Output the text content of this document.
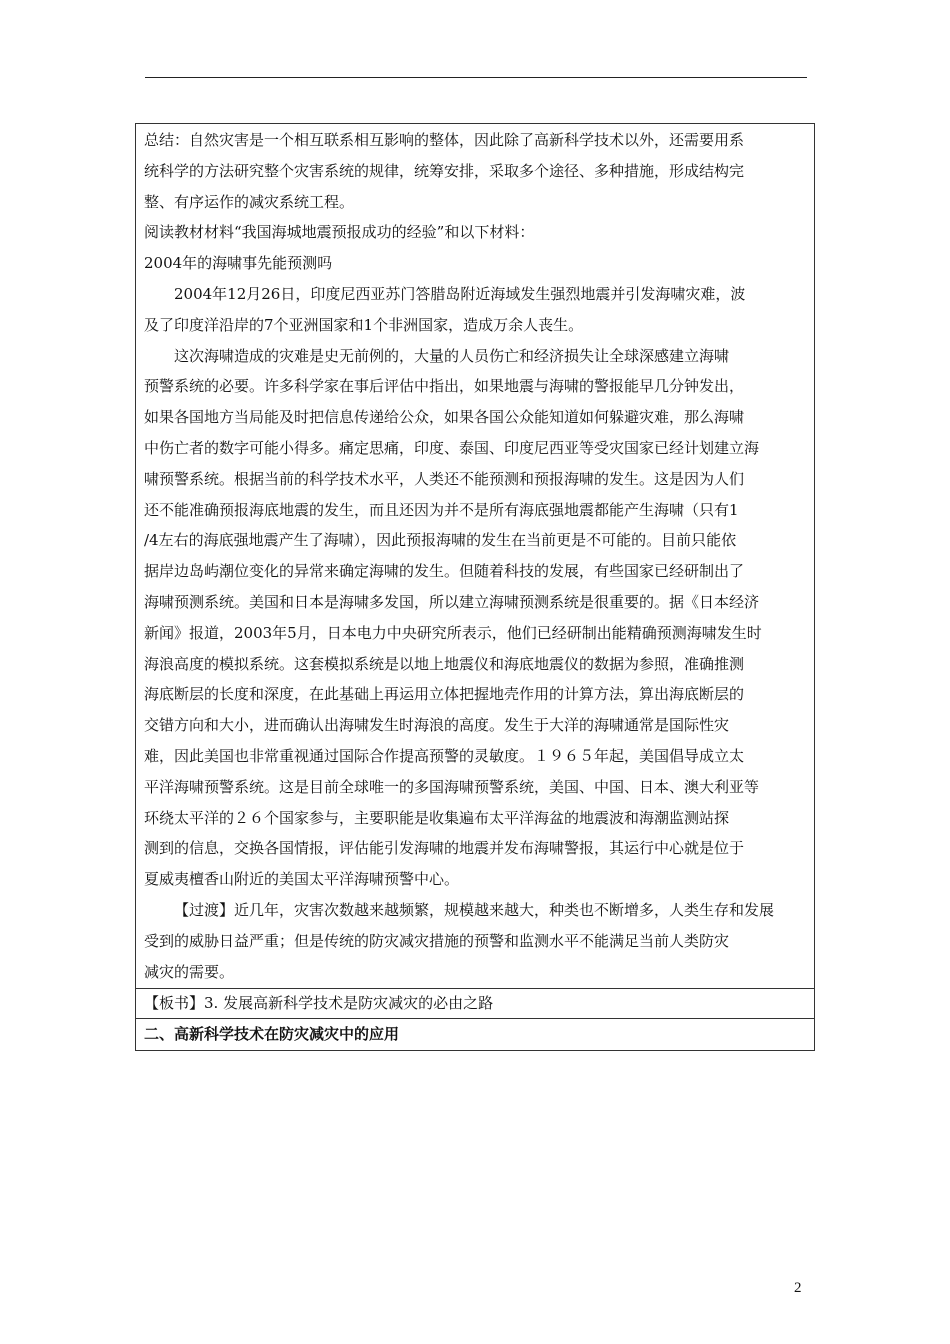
总结：自然灾害是一个相互联系相互影响的整体，因此除了高新科学技术以外，还需要用系

统科学的方法研究整个灾害系统的规律，统筹安排，采取多个途径、多种措施，形成结构完

整、有序运作的减灾系统工程。

阅读教材材料“我国海城地震预报成功的经验”和以下材料：

2004年的海啸事先能预测吗

2004年12月26日，印度尼西亚苏门答腊岛附近海域发生强烈地震并引发海啸灾难，波

及了印度洋沿岸的7个亚洲国家和1个非洲国家，造成万余人丧生。

这次海啸造成的灾难是史无前例的，大量的人员伤亡和经济损失让全球深感建立海啸

预警系统的必要。许多科学家在事后评估中指出，如果地震与海啸的警报能早几分钟发出，

如果各国地方当局能及时把信息传递给公众，如果各国公众能知道如何躲避灾难，那么海啸

中伤亡者的数字可能小得多。痛定思痛，印度、泰国、印度尼西亚等受灾国家已经计划建立海

啸预警系统。根据当前的科学技术水平，人类还不能预测和预报海啸的发生。这是因为人们

还不能准确预报海底地震的发生，而且还因为并不是所有海底强地震都能产生海啸（只有1

/4左右的海底强地震产生了海啸），因此预报海啸的发生在当前更是不可能的。目前只能依

据岸边岛屿潮位变化的异常来确定海啸的发生。但随着科技的发展，有些国家已经研制出了

海啸预测系统。美国和日本是海啸多发国，所以建立海啸预测系统是很重要的。据《日本经济

新闻》报道，2003年5月，日本电力中央研究所表示，他们已经研制出能精确预测海啸发生时

海浪高度的模拟系统。这套模拟系统是以地上地震仪和海底地震仪的数据为参照，准确推测

海底断层的长度和深度，在此基础上再运用立体把握地壳作用的计算方法，算出海底断层的

交错方向和大小，进而确认出海啸发生时海浪的高度。发生于大洋的海啸通常是国际性灾

难，因此美国也非常重视通过国际合作提高预警的灵敏度。１９６５年起，美国倡导成立太

平洋海啸预警系统。这是目前全球唯一的多国海啸预警系统，美国、中国、日本、澳大利亚等

环绕太平洋的２６个国家参与，主要职能是收集遍布太平洋海盆的地震波和海潮监测站探

测到的信息，交换各国情报，评估能引发海啸的地震并发布海啸警报，其运行中心就是位于

夏威夷檀香山附近的美国太平洋海啸预警中心。

【过渡】近几年，灾害次数越来越频繁，规模越来越大，种类也不断增多，人类生存和发展

受到的威胁日益严重；但是传统的防灾减灾措施的预警和监测水平不能满足当前人类防灾

减灾的需要。

【板书】3. 发展高新科学技术是防灾减灾的必由之路
二、高新科学技术在防灾减灾中的应用
2
